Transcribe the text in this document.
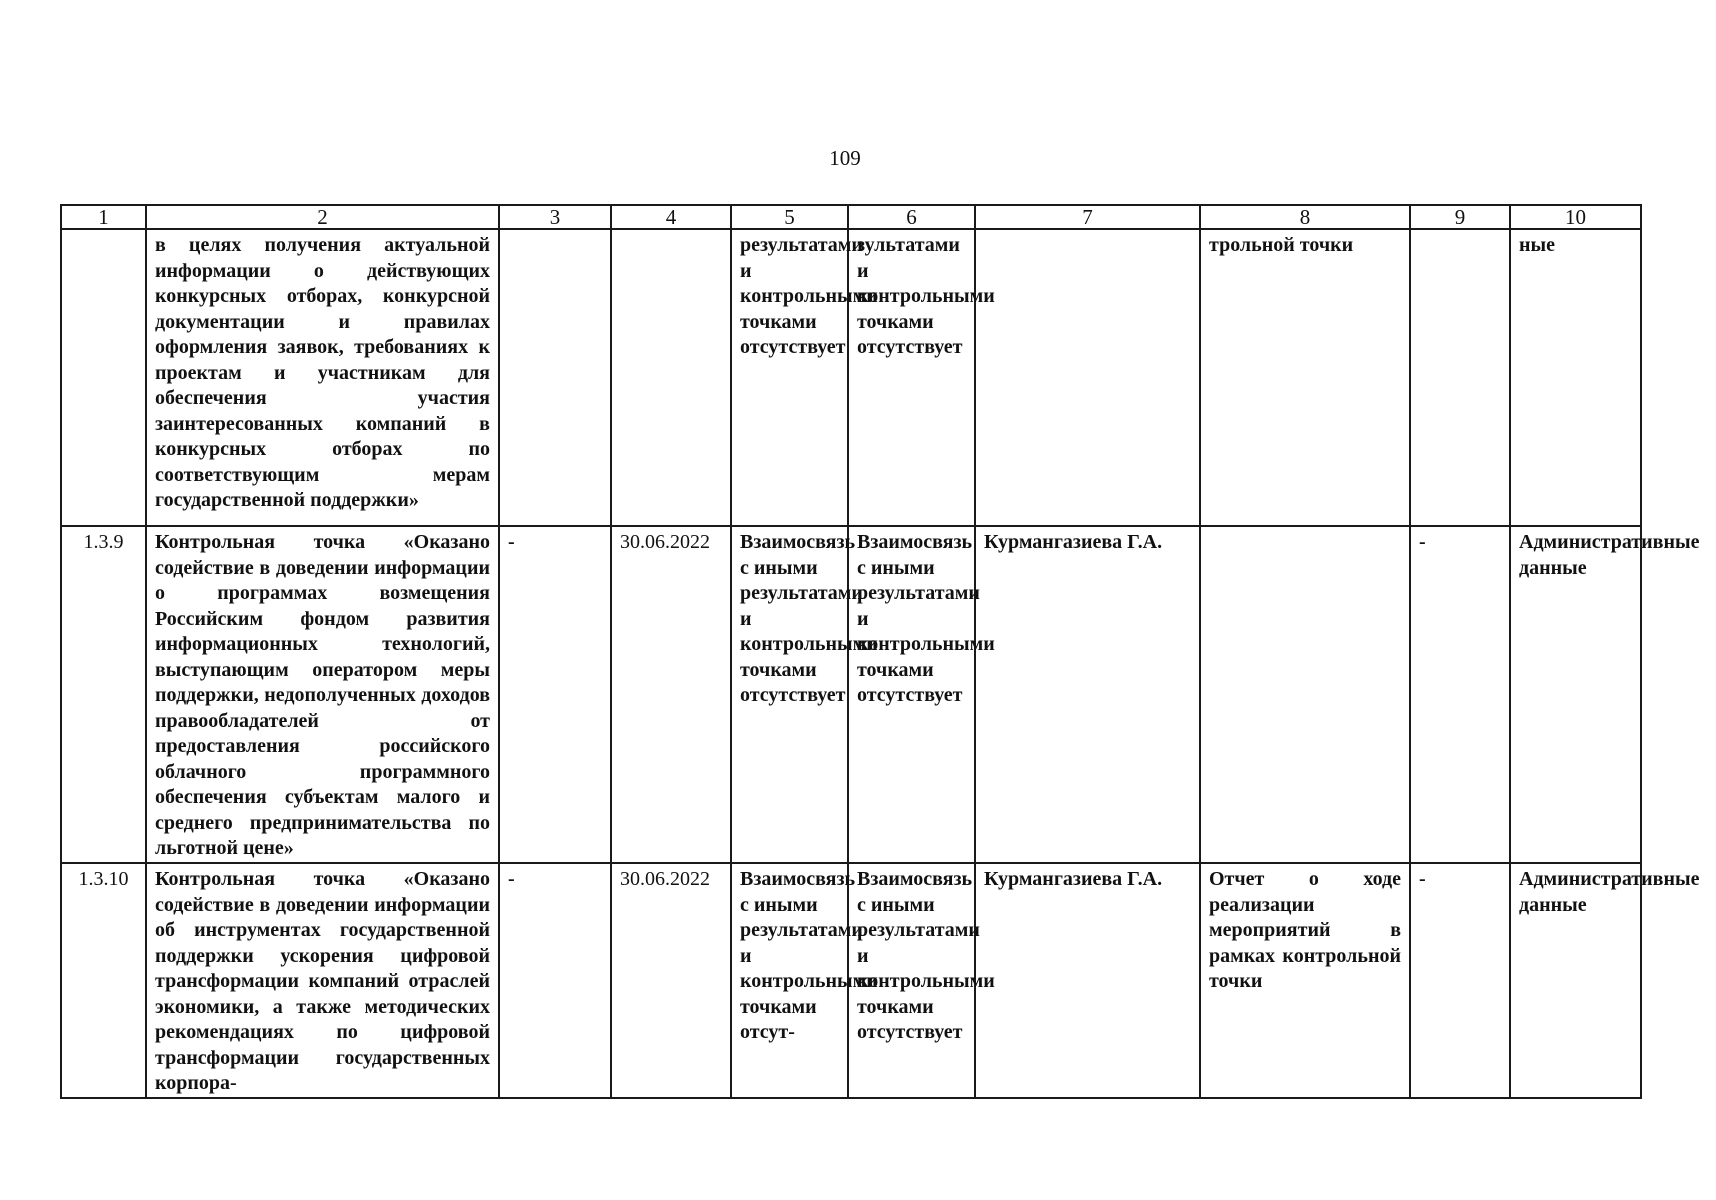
109
1	2	3	4	5	6	7	8	9	10
	в целях получения актуальной информации о действующих конкурсных отборах, конкурсной документации и правилах оформления заявок, требованиях к проектам и участникам для обеспечения участия заинтересованных компаний в конкурсных отборах по соответствующим мерам государственной поддержки»			результатами и контрольными точками отсутствует	зультатами и контрольными точками отсутствует		трольной точки		ные
1.3.9	Контрольная точка «Оказано содействие в доведении информации о программах возмещения Российским фондом развития информационных технологий, выступающим оператором меры поддержки, недополученных доходов правообладателей от предоставления российского облачного программного обеспечения субъектам малого и среднего предпринимательства по льготной цене»	-	30.06.2022	Взаимосвязь с иными результатами и контрольными точками отсутствует	Взаимосвязь с иными результатами и контрольными точками отсутствует	Курмангазиева Г.А.		-	Административные данные
1.3.10	Контрольная точка «Оказано содействие в доведении информации об инструментах государственной поддержки ускорения цифровой трансформации компаний отраслей экономики, а также методических рекомендациях по цифровой трансформации государственных корпора-	-	30.06.2022	Взаимосвязь с иными результатами и контрольными точками отсут-	Взаимосвязь с иными результатами и контрольными точками отсутствует	Курмангазиева Г.А.	Отчет о ходе реализации мероприятий в рамках контрольной точки	-	Административные данные
